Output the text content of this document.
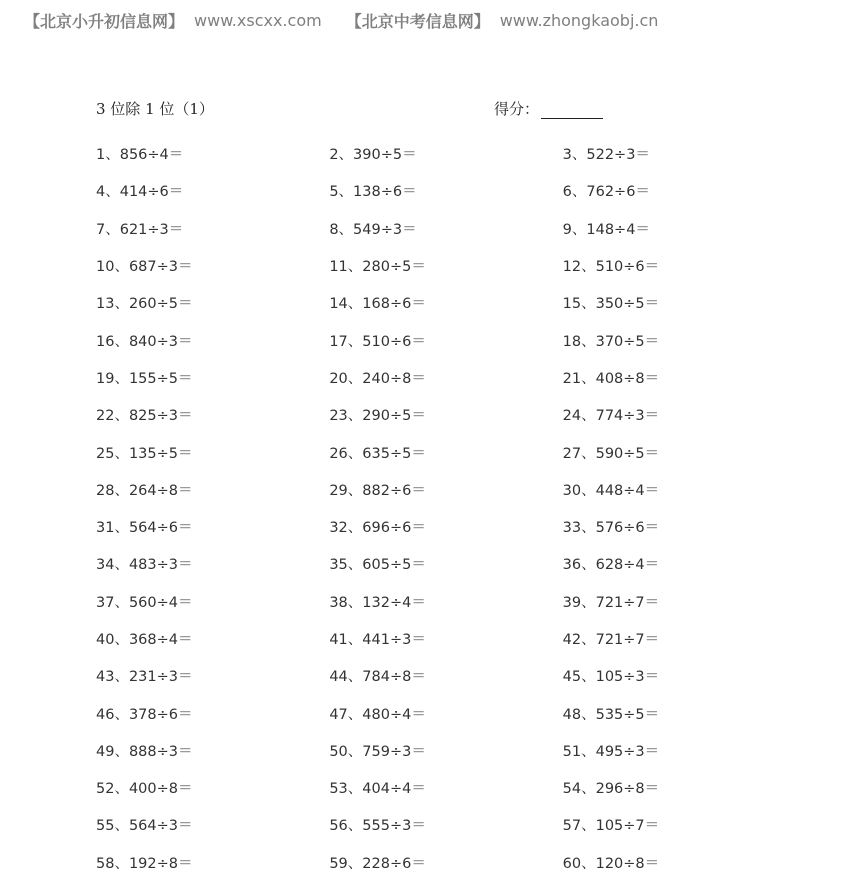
【北京小升初信息网】 www.xscxx.com 【北京中考信息网】 www.zhongkaobj.cn
3 位除 1 位（1）	得分：
1、856÷4＝	2、390÷5＝	3、522÷3＝
4、414÷6＝	5、138÷6＝	6、762÷6＝
7、621÷3＝	8、549÷3＝	9、148÷4＝
10、687÷3＝	11、280÷5＝	12、510÷6＝
13、260÷5＝	14、168÷6＝	15、350÷5＝
16、840÷3＝	17、510÷6＝	18、370÷5＝
19、155÷5＝	20、240÷8＝	21、408÷8＝
22、825÷3＝	23、290÷5＝	24、774÷3＝
25、135÷5＝	26、635÷5＝	27、590÷5＝
28、264÷8＝	29、882÷6＝	30、448÷4＝
31、564÷6＝	32、696÷6＝	33、576÷6＝
34、483÷3＝	35、605÷5＝	36、628÷4＝
37、560÷4＝	38、132÷4＝	39、721÷7＝
40、368÷4＝	41、441÷3＝	42、721÷7＝
43、231÷3＝	44、784÷8＝	45、105÷3＝
46、378÷6＝	47、480÷4＝	48、535÷5＝
49、888÷3＝	50、759÷3＝	51、495÷3＝
52、400÷8＝	53、404÷4＝	54、296÷8＝
55、564÷3＝	56、555÷3＝	57、105÷7＝
58、192÷8＝	59、228÷6＝	60、120÷8＝
